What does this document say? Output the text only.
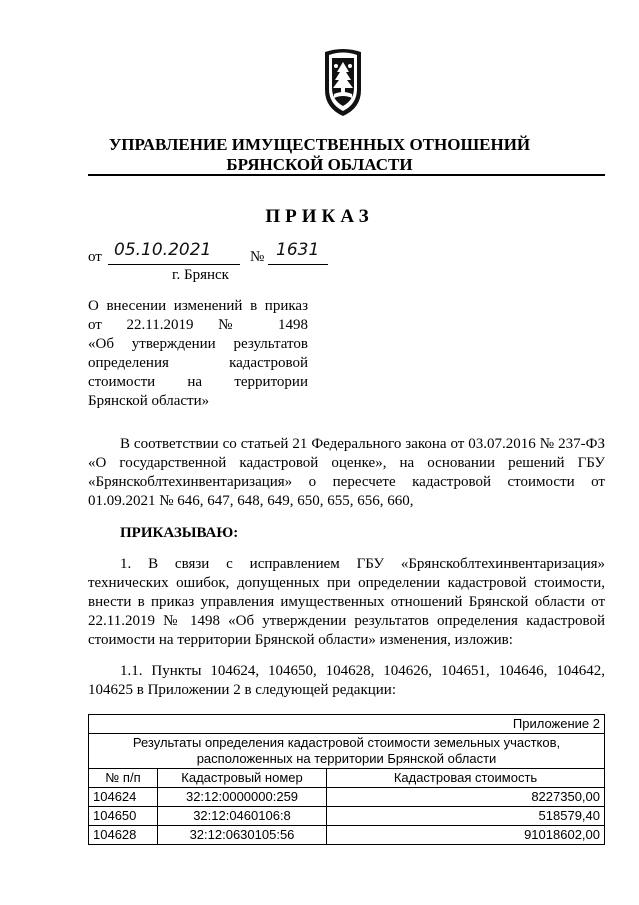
УПРАВЛЕНИЕ ИМУЩЕСТВЕННЫХ ОТНОШЕНИЙ
БРЯНСКОЙ ОБЛАСТИ
ПРИКАЗ
от 05.10.2021	№ 1631
г. Брянск
О внесении изменений в приказ
от 22.11.2019 № 1498
«Об утверждении результатов
определения кадастровой
стоимости на территории
Брянской области»
В соответствии со статьей 21 Федерального закона от 03.07.2016 № 237-ФЗ «О государственной кадастровой оценке», на основании решений ГБУ «Брянскоблтехинвентаризация» о пересчете кадастровой стоимости от 01.09.2021 № 646, 647, 648, 649, 650, 655, 656, 660,
ПРИКАЗЫВАЮ:
1. В связи с исправлением ГБУ «Брянскоблтехинвентаризация» технических ошибок, допущенных при определении кадастровой стоимости, внести в приказ управления имущественных отношений Брянской области от 22.11.2019 № 1498 «Об утверждении результатов определения кадастровой стоимости на территории Брянской области» изменения, изложив:
1.1. Пункты 104624, 104650, 104628, 104626, 104651, 104646, 104642, 104625 в Приложении 2 в следующей редакции:
Приложение 2		

Результаты определения кадастровой стоимости земельных участков,
расположенных на территории Брянской области		

№ п/п	Кадастровый номер	Кадастровая стоимость
104624	32:12:0000000:259	8227350,00
104650	32:12:0460106:8	518579,40
104628	32:12:0630105:56	91018602,00
